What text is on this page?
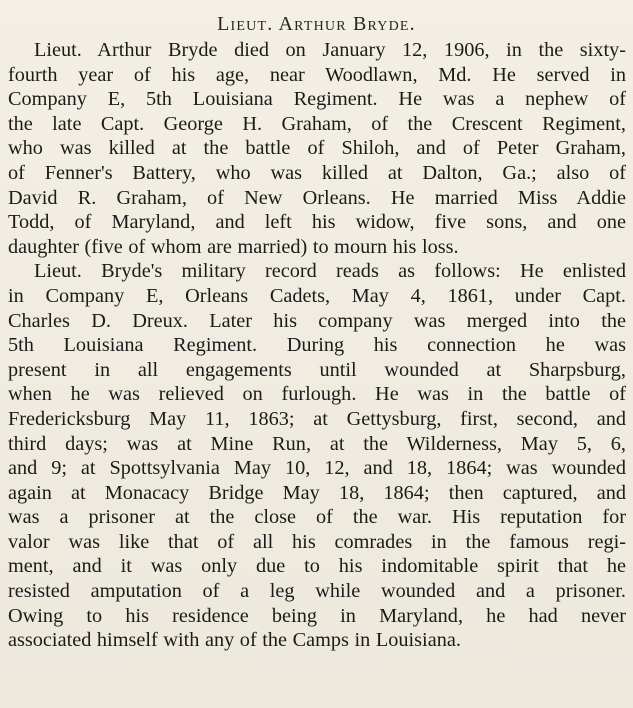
Lieut. Arthur Bryde.
Lieut. Arthur Bryde died on January 12, 1906, in the sixty-
fourth year of his age, near Woodlawn, Md. He served in
Company E, 5th Louisiana Regiment. He was a nephew of
the late Capt. George H. Graham, of the Crescent Regiment,
who was killed at the battle of Shiloh, and of Peter Graham,
of Fenner's Battery, who was killed at Dalton, Ga.; also of
David R. Graham, of New Orleans. He married Miss Addie
Todd, of Maryland, and left his widow, five sons, and one
daughter (five of whom are married) to mourn his loss.
Lieut. Bryde's military record reads as follows: He enlisted
in Company E, Orleans Cadets, May 4, 1861, under Capt.
Charles D. Dreux. Later his company was merged into the
5th Louisiana Regiment. During his connection he was
present in all engagements until wounded at Sharpsburg,
when he was relieved on furlough. He was in the battle of
Fredericksburg May 11, 1863; at Gettysburg, first, second, and
third days; was at Mine Run, at the Wilderness, May 5, 6,
and 9; at Spottsylvania May 10, 12, and 18, 1864; was wounded
again at Monacacy Bridge May 18, 1864; then captured, and
was a prisoner at the close of the war. His reputation for
valor was like that of all his comrades in the famous regi-
ment, and it was only due to his indomitable spirit that he
resisted amputation of a leg while wounded and a prisoner.
Owing to his residence being in Maryland, he had never
associated himself with any of the Camps in Louisiana.
